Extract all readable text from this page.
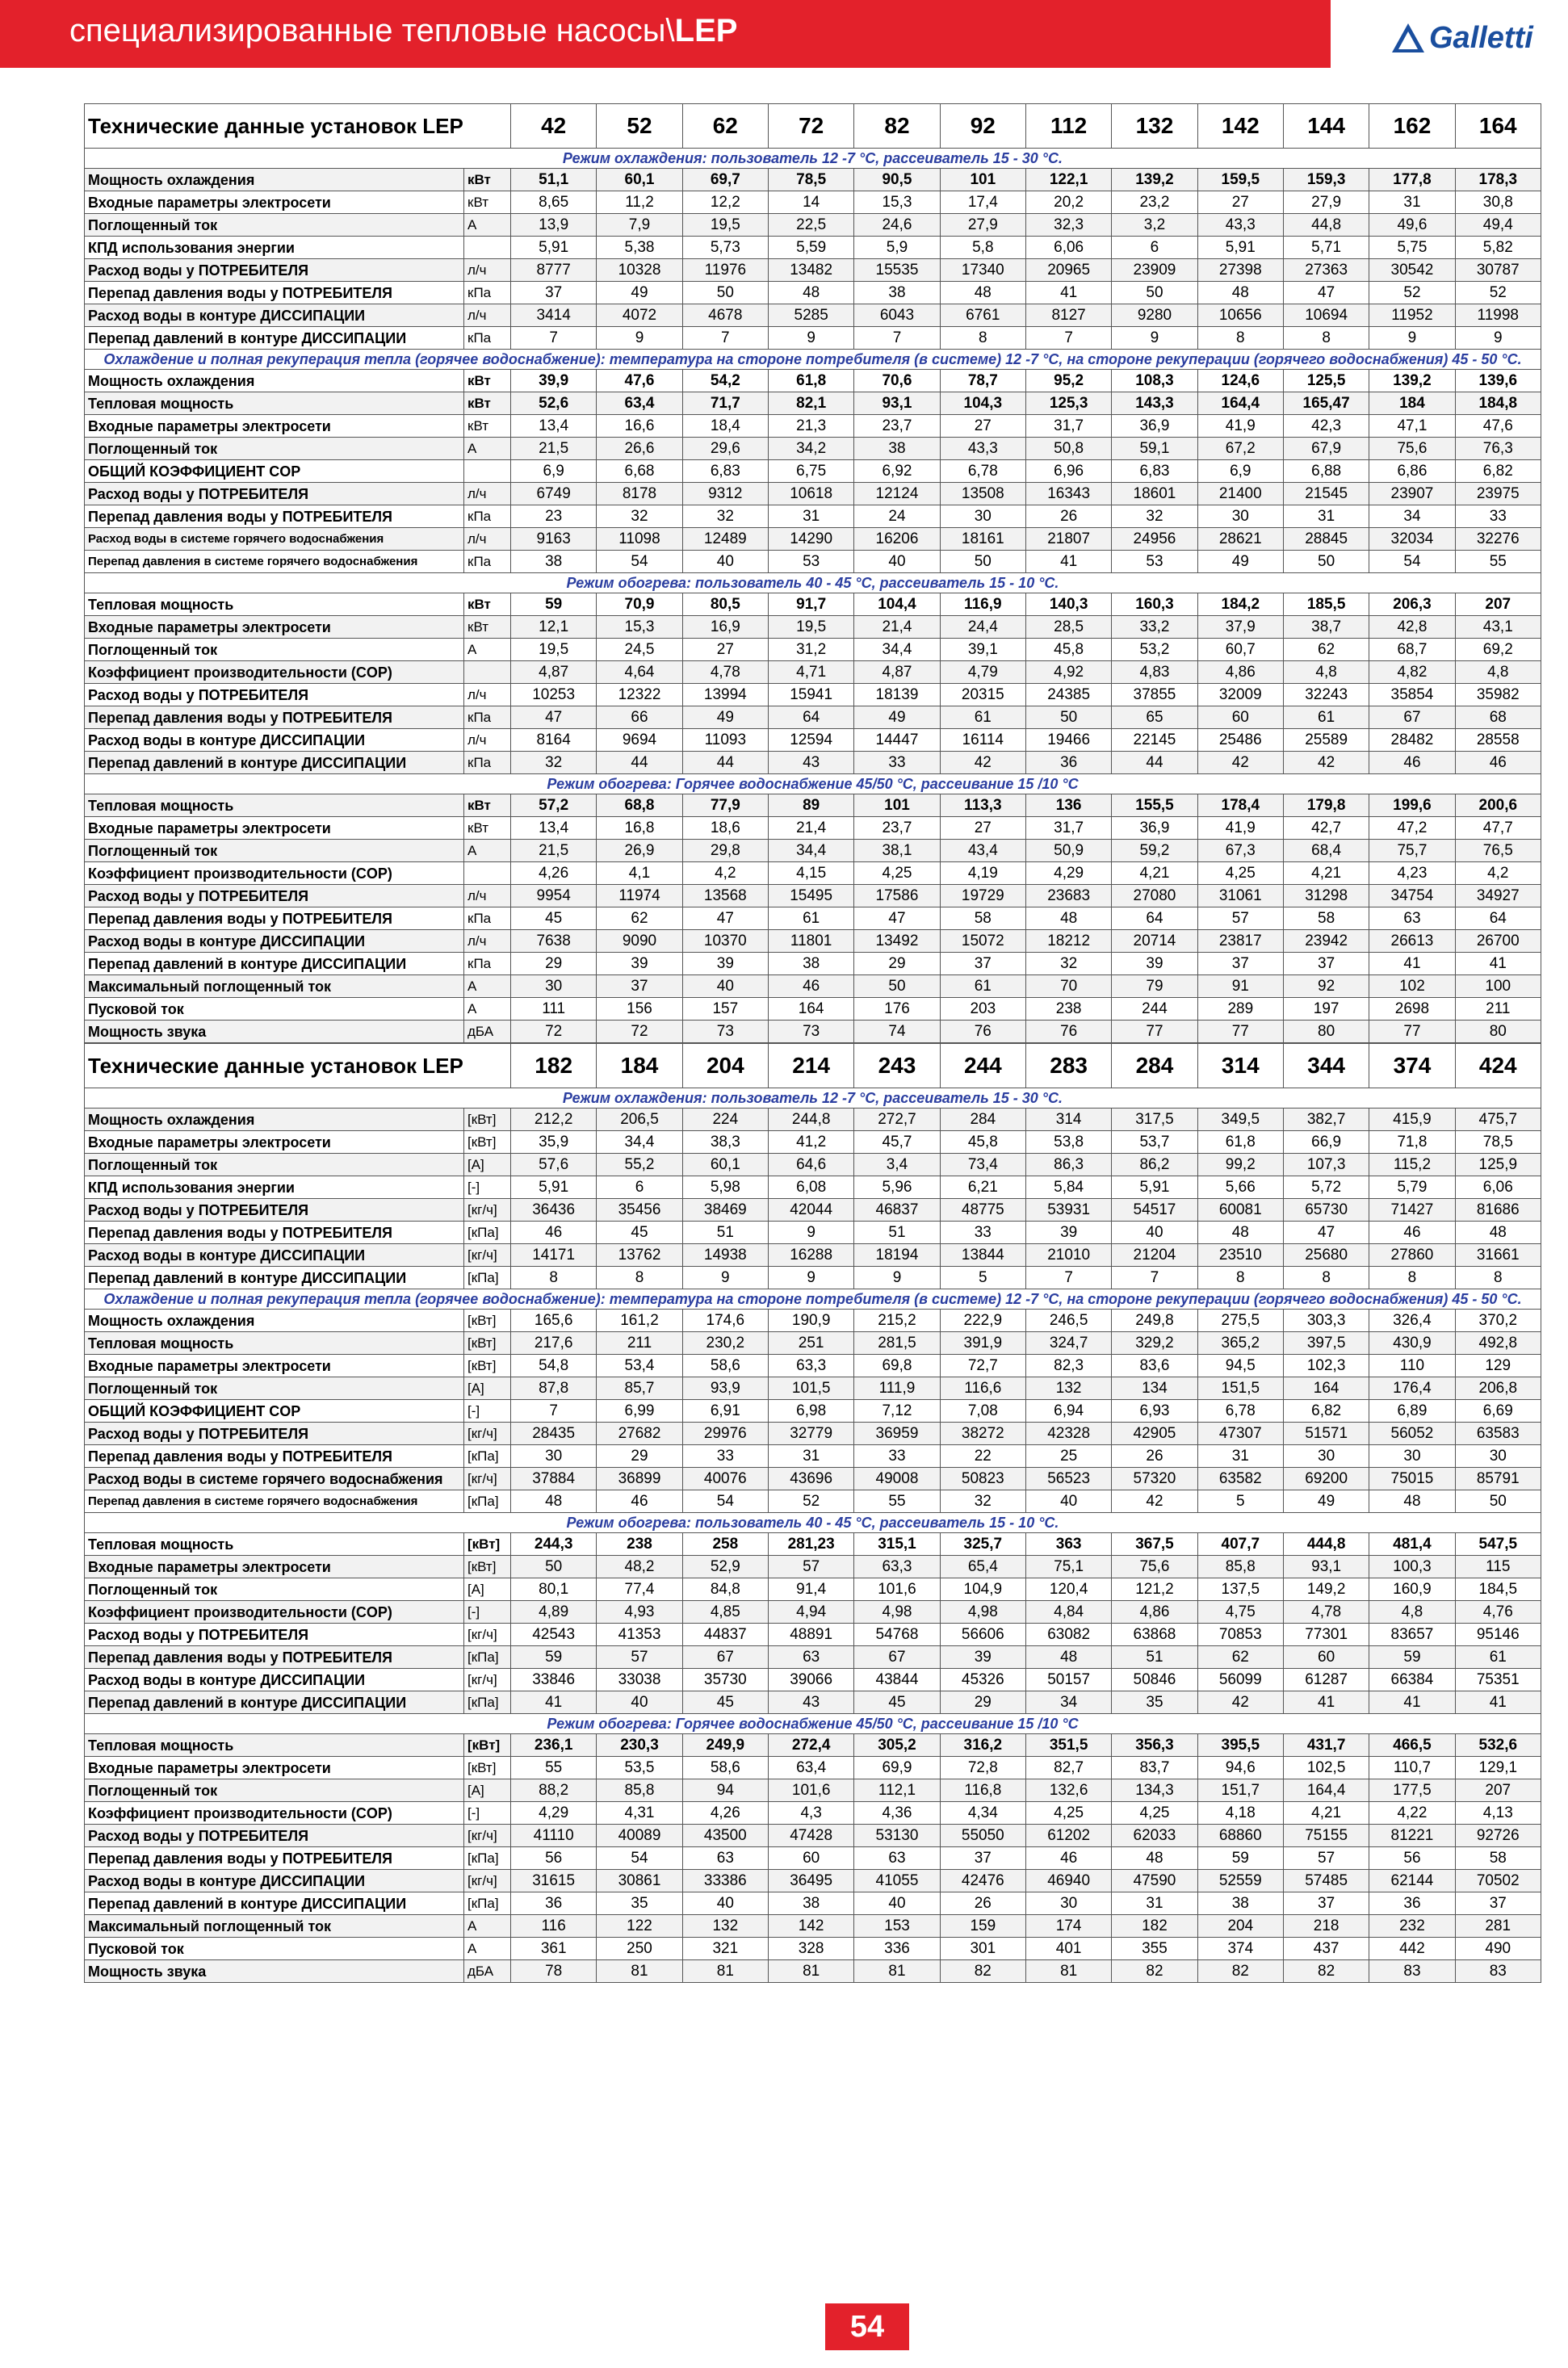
специализированные тепловые насосы\LEP	Galletti
Технические данные установок LEP		42	52	62	72	82	92	112	132	142	144	162	164
Режим охлаждения: пользователь 12 -7 °C, рассеиватель 15 - 30 °C.													
Мощность охлаждения	кВт	51,1	60,1	69,7	78,5	90,5	101	122,1	139,2	159,5	159,3	177,8	178,3
Входные параметры электросети	кВт	8,65	11,2	12,2	14	15,3	17,4	20,2	23,2	27	27,9	31	30,8
Поглощенный ток	A	13,9	7,9	19,5	22,5	24,6	27,9	32,3	3,2	43,3	44,8	49,6	49,4
КПД использования энергии		5,91	5,38	5,73	5,59	5,9	5,8	6,06	6	5,91	5,71	5,75	5,82
Расход воды у ПОТРЕБИТЕЛЯ	л/ч	8777	10328	11976	13482	15535	17340	20965	23909	27398	27363	30542	30787
Перепад давления воды у ПОТРЕБИТЕЛЯ	кПа	37	49	50	48	38	48	41	50	48	47	52	52
Расход воды в контуре ДИССИПАЦИИ	л/ч	3414	4072	4678	5285	6043	6761	8127	9280	10656	10694	11952	11998
Перепад давлений в контуре ДИССИПАЦИИ	кПа	7	9	7	9	7	8	7	9	8	8	9	9
Охлаждение и полная рекуперация тепла (горячее водоснабжение): температура на стороне потребителя (в системе) 12 -7 °C, на стороне рекуперации (горячего водоснабжения) 45 - 50 °C.													
Мощность охлаждения	кВт	39,9	47,6	54,2	61,8	70,6	78,7	95,2	108,3	124,6	125,5	139,2	139,6
Тепловая мощность	кВт	52,6	63,4	71,7	82,1	93,1	104,3	125,3	143,3	164,4	165,47	184	184,8
Входные параметры электросети	кВт	13,4	16,6	18,4	21,3	23,7	27	31,7	36,9	41,9	42,3	47,1	47,6
Поглощенный ток	A	21,5	26,6	29,6	34,2	38	43,3	50,8	59,1	67,2	67,9	75,6	76,3
ОБЩИЙ КОЭФФИЦИЕНТ COP		6,9	6,68	6,83	6,75	6,92	6,78	6,96	6,83	6,9	6,88	6,86	6,82
Расход воды у ПОТРЕБИТЕЛЯ	л/ч	6749	8178	9312	10618	12124	13508	16343	18601	21400	21545	23907	23975
Перепад давления воды у ПОТРЕБИТЕЛЯ	кПа	23	32	32	31	24	30	26	32	30	31	34	33
Расход воды в системе горячего водоснабжения	л/ч	9163	11098	12489	14290	16206	18161	21807	24956	28621	28845	32034	32276
Перепад давления в системе горячего водоснабжения	кПа	38	54	40	53	40	50	41	53	49	50	54	55
Режим обогрева: пользователь 40 - 45 °C, рассеиватель 15 - 10 °C.													
Тепловая мощность	кВт	59	70,9	80,5	91,7	104,4	116,9	140,3	160,3	184,2	185,5	206,3	207
Входные параметры электросети	кВт	12,1	15,3	16,9	19,5	21,4	24,4	28,5	33,2	37,9	38,7	42,8	43,1
Поглощенный ток	A	19,5	24,5	27	31,2	34,4	39,1	45,8	53,2	60,7	62	68,7	69,2
Коэффициент производительности (COP)		4,87	4,64	4,78	4,71	4,87	4,79	4,92	4,83	4,86	4,8	4,82	4,8
Расход воды у ПОТРЕБИТЕЛЯ	л/ч	10253	12322	13994	15941	18139	20315	24385	37855	32009	32243	35854	35982
Перепад давления воды у ПОТРЕБИТЕЛЯ	кПа	47	66	49	64	49	61	50	65	60	61	67	68
Расход воды в контуре ДИССИПАЦИИ	л/ч	8164	9694	11093	12594	14447	16114	19466	22145	25486	25589	28482	28558
Перепад давлений в контуре ДИССИПАЦИИ	кПа	32	44	44	43	33	42	36	44	42	42	46	46
Режим обогрева: Горячее водоснабжение 45/50 °C, рассеивание 15 /10 °C													
Тепловая мощность	кВт	57,2	68,8	77,9	89	101	113,3	136	155,5	178,4	179,8	199,6	200,6
Входные параметры электросети	кВт	13,4	16,8	18,6	21,4	23,7	27	31,7	36,9	41,9	42,7	47,2	47,7
Поглощенный ток	A	21,5	26,9	29,8	34,4	38,1	43,4	50,9	59,2	67,3	68,4	75,7	76,5
Коэффициент производительности (COP)		4,26	4,1	4,2	4,15	4,25	4,19	4,29	4,21	4,25	4,21	4,23	4,2
Расход воды у ПОТРЕБИТЕЛЯ	л/ч	9954	11974	13568	15495	17586	19729	23683	27080	31061	31298	34754	34927
Перепад давления воды у ПОТРЕБИТЕЛЯ	кПа	45	62	47	61	47	58	48	64	57	58	63	64
Расход воды в контуре ДИССИПАЦИИ	л/ч	7638	9090	10370	11801	13492	15072	18212	20714	23817	23942	26613	26700
Перепад давлений в контуре ДИССИПАЦИИ	кПа	29	39	39	38	29	37	32	39	37	37	41	41
Максимальный поглощенный ток	A	30	37	40	46	50	61	70	79	91	92	102	100
Пусковой ток	A	111	156	157	164	176	203	238	244	289	197	2698	211
Мощность звука	дБА	72	72	73	73	74	76	76	77	77	80	77	80
Технические данные установок LEP		182	184	204	214	243	244	283	284	314	344	374	424
Режим охлаждения: пользователь 12 -7 °C, рассеиватель 15 - 30 °C.													
Мощность охлаждения	[кВт]	212,2	206,5	224	244,8	272,7	284	314	317,5	349,5	382,7	415,9	475,7
Входные параметры электросети	[кВт]	35,9	34,4	38,3	41,2	45,7	45,8	53,8	53,7	61,8	66,9	71,8	78,5
Поглощенный ток	[A]	57,6	55,2	60,1	64,6	3,4	73,4	86,3	86,2	99,2	107,3	115,2	125,9
КПД использования энергии	[-]	5,91	6	5,98	6,08	5,96	6,21	5,84	5,91	5,66	5,72	5,79	6,06
Расход воды у ПОТРЕБИТЕЛЯ	[кг/ч]	36436	35456	38469	42044	46837	48775	53931	54517	60081	65730	71427	81686
Перепад давления воды у ПОТРЕБИТЕЛЯ	[кПа]	46	45	51	9	51	33	39	40	48	47	46	48
Расход воды в контуре ДИССИПАЦИИ	[кг/ч]	14171	13762	14938	16288	18194	13844	21010	21204	23510	25680	27860	31661
Перепад давлений в контуре ДИССИПАЦИИ	[кПа]	8	8	9	9	9	5	7	7	8	8	8	8
Охлаждение и полная рекуперация тепла (горячее водоснабжение): температура на стороне потребителя (в системе) 12 -7 °C, на стороне рекуперации (горячего водоснабжения) 45 - 50 °C.													
Мощность охлаждения	[кВт]	165,6	161,2	174,6	190,9	215,2	222,9	246,5	249,8	275,5	303,3	326,4	370,2
Тепловая мощность	[кВт]	217,6	211	230,2	251	281,5	391,9	324,7	329,2	365,2	397,5	430,9	492,8
Входные параметры электросети	[кВт]	54,8	53,4	58,6	63,3	69,8	72,7	82,3	83,6	94,5	102,3	110	129
Поглощенный ток	[A]	87,8	85,7	93,9	101,5	111,9	116,6	132	134	151,5	164	176,4	206,8
ОБЩИЙ КОЭФФИЦИЕНТ COP	[-]	7	6,99	6,91	6,98	7,12	7,08	6,94	6,93	6,78	6,82	6,89	6,69
Расход воды у ПОТРЕБИТЕЛЯ	[кг/ч]	28435	27682	29976	32779	36959	38272	42328	42905	47307	51571	56052	63583
Перепад давления воды у ПОТРЕБИТЕЛЯ	[кПа]	30	29	33	31	33	22	25	26	31	30	30	30
Расход воды в системе горячего водоснабжения	[кг/ч]	37884	36899	40076	43696	49008	50823	56523	57320	63582	69200	75015	85791
Перепад давления в системе горячего водоснабжения	[кПа]	48	46	54	52	55	32	40	42	5	49	48	50
Режим обогрева: пользователь 40 - 45 °C, рассеиватель 15 - 10 °C.													
Тепловая мощность	[кВт]	244,3	238	258	281,23	315,1	325,7	363	367,5	407,7	444,8	481,4	547,5
Входные параметры электросети	[кВт]	50	48,2	52,9	57	63,3	65,4	75,1	75,6	85,8	93,1	100,3	115
Поглощенный ток	[A]	80,1	77,4	84,8	91,4	101,6	104,9	120,4	121,2	137,5	149,2	160,9	184,5
Коэффициент производительности (COP)	[-]	4,89	4,93	4,85	4,94	4,98	4,98	4,84	4,86	4,75	4,78	4,8	4,76
Расход воды у ПОТРЕБИТЕЛЯ	[кг/ч]	42543	41353	44837	48891	54768	56606	63082	63868	70853	77301	83657	95146
Перепад давления воды у ПОТРЕБИТЕЛЯ	[кПа]	59	57	67	63	67	39	48	51	62	60	59	61
Расход воды в контуре ДИССИПАЦИИ	[кг/ч]	33846	33038	35730	39066	43844	45326	50157	50846	56099	61287	66384	75351
Перепад давлений в контуре ДИССИПАЦИИ	[кПа]	41	40	45	43	45	29	34	35	42	41	41	41
Режим обогрева: Горячее водоснабжение 45/50 °C, рассеивание 15 /10 °C													
Тепловая мощность	[кВт]	236,1	230,3	249,9	272,4	305,2	316,2	351,5	356,3	395,5	431,7	466,5	532,6
Входные параметры электросети	[кВт]	55	53,5	58,6	63,4	69,9	72,8	82,7	83,7	94,6	102,5	110,7	129,1
Поглощенный ток	[A]	88,2	85,8	94	101,6	112,1	116,8	132,6	134,3	151,7	164,4	177,5	207
Коэффициент производительности (COP)	[-]	4,29	4,31	4,26	4,3	4,36	4,34	4,25	4,25	4,18	4,21	4,22	4,13
Расход воды у ПОТРЕБИТЕЛЯ	[кг/ч]	41110	40089	43500	47428	53130	55050	61202	62033	68860	75155	81221	92726
Перепад давления воды у ПОТРЕБИТЕЛЯ	[кПа]	56	54	63	60	63	37	46	48	59	57	56	58
Расход воды в контуре ДИССИПАЦИИ	[кг/ч]	31615	30861	33386	36495	41055	42476	46940	47590	52559	57485	62144	70502
Перепад давлений в контуре ДИССИПАЦИИ	[кПа]	36	35	40	38	40	26	30	31	38	37	36	37
Максимальный поглощенный ток	A	116	122	132	142	153	159	174	182	204	218	232	281
Пусковой ток	A	361	250	321	328	336	301	401	355	374	437	442	490
Мощность звука	дБА	78	81	81	81	81	82	81	82	82	82	83	83
54
